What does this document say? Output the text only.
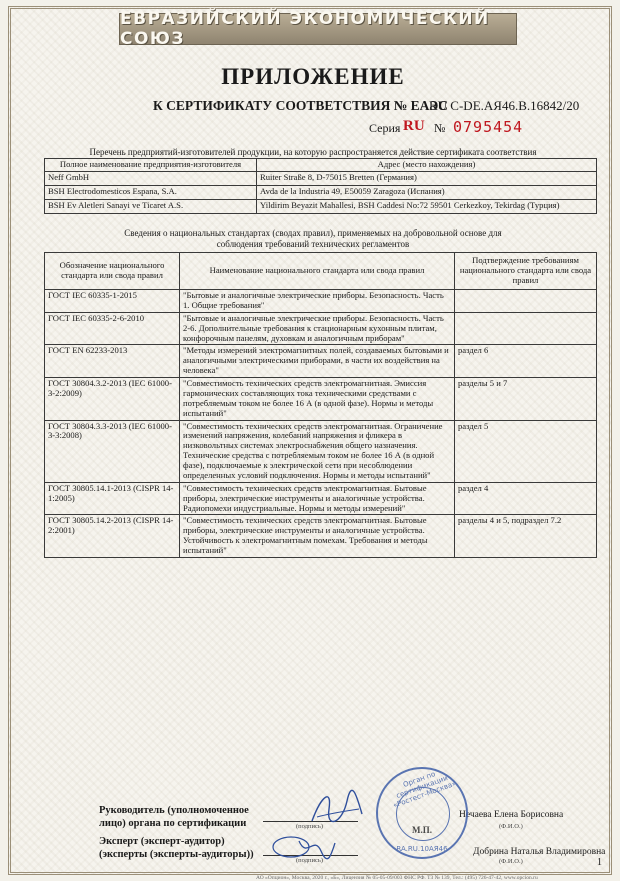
ЕВРАЗИЙСКИЙ ЭКОНОМИЧЕСКИЙ СОЮЗ
ПРИЛОЖЕНИЕ
К СЕРТИФИКАТУ СООТВЕТСТВИЯ № ЕАЭС
RU C-DE.АЯ46.B.16842/20
Серия RU № 0795454
Перечень предприятий-изготовителей продукции, на которую распространяется действие сертификата соответствия
Полное наименование предприятия-изготовителя	Адрес (место нахождения)
Neff GmbH	Ruiter Straße 8, D-75015 Bretten (Германия)
BSH Electrodomesticos Espana, S.A.	Avda de la Industria 49, E50059 Zaragoza (Испания)
BSH Ev Aletleri Sanayi ve Ticaret A.S.	Yildirim Beyazit Mahallesi, BSH Caddesi No:72 59501 Cerkezkoy, Tekirdag (Турция)
Сведения о национальных стандартах (сводах правил), применяемых на добровольной основе для соблюдения требований технических регламентов
Обозначение национального стандарта или свода правил	Наименование национального стандарта или свода правил	Подтверждение требованиям национального стандарта или свода правил
ГОСТ IEC 60335-1-2015	"Бытовые и аналогичные электрические приборы. Безопасность. Часть 1. Общие требования"	
ГОСТ IEC 60335-2-6-2010	"Бытовые и аналогичные электрические приборы. Безопасность. Часть 2-6. Дополнительные требования к стационарным кухонным плитам, конфорочным панелям, духовкам и аналогичным приборам"	
ГОСТ EN 62233-2013	"Методы измерений электромагнитных полей, создаваемых бытовыми и аналогичными электрическими приборами, в части их воздействия на человека"	раздел 6
ГОСТ 30804.3.2-2013 (IEC 61000-3-2:2009)	"Совместимость технических средств электромагнитная. Эмиссия гармонических составляющих тока техническими средствами с потребляемым током не более 16 А (в одной фазе). Нормы и методы испытаний"	разделы 5 и 7
ГОСТ 30804.3.3-2013 (IEC 61000-3-3:2008)	"Совместимость технических средств электромагнитная. Ограничение изменений напряжения, колебаний напряжения и фликера в низковольтных системах электроснабжения общего назначения. Технические средства с потребляемым током не более 16 А (в одной фазе), подключаемые к электрической сети при несоблюдении определенных условий подключения. Нормы и методы испытаний"	раздел 5
ГОСТ 30805.14.1-2013 (CISPR 14-1:2005)	"Совместимость технических средств электромагнитная. Бытовые приборы, электрические инструменты и аналогичные устройства. Радиопомехи индустриальные. Нормы и методы измерений"	раздел 4
ГОСТ 30805.14.2-2013 (CISPR 14-2:2001)	"Совместимость технических средств электромагнитная. Бытовые приборы, электрические инструменты и аналогичные устройства. Устойчивость к электромагнитным помехам. Требования и методы испытаний"	разделы 4 и 5, подраздел 7.2
Руководитель (уполномоченное лицо) органа по сертификации	(подпись)
Нечаева Елена Борисовна
(Ф.И.О.)
Эксперт (эксперт-аудитор) (эксперты (эксперты-аудиторы))
(подпись)
Добрина Наталья Владимировна
(Ф.И.О.)
Орган по сертификации «Ростест-Москва»
RA.RU.10АЯ46
М.П.
АО «Опцион», Москва, 2020 г., «Б», Лицензия № 05-05-09/003 ФНС РФ. Т3 № 139, Тел.: (495) 726-47-42, www.opcion.ru
1
